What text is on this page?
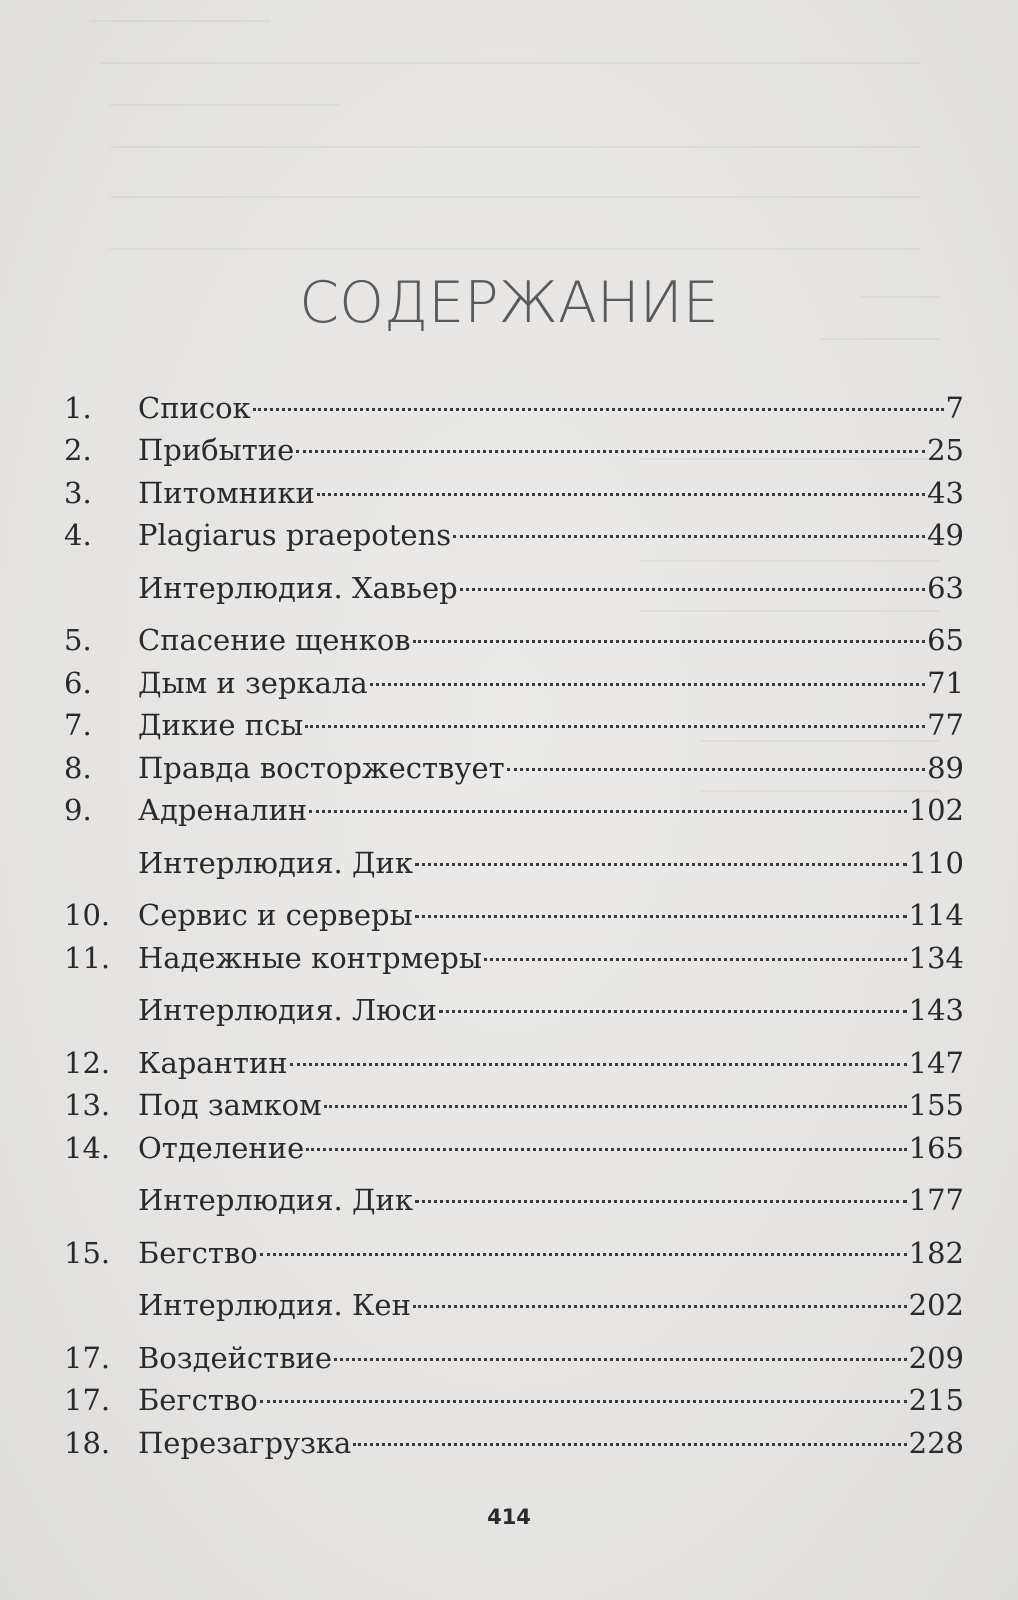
СОДЕРЖАНИЕ
1.	Список	7
2.	Прибытие	25
3.	Питомники	43
4.	Plagiarus praepotens	49
Интерлюдия. Хавьер	63
5.	Спасение щенков	65
6.	Дым и зеркала	71
7.	Дикие псы	77
8.	Правда восторжествует	89
9.	Адреналин	102
Интерлюдия. Дик	110
10. Сервис и серверы	114
11. Надежные контрмеры	134
Интерлюдия. Люси	143
12. Карантин	147
13. Под замком	155
14. Отделение	165
Интерлюдия. Дик	177
15. Бегство	182
Интерлюдия. Кен	202
17. Воздействие	209
17. Бегство	215
18. Перезагрузка	228
414
